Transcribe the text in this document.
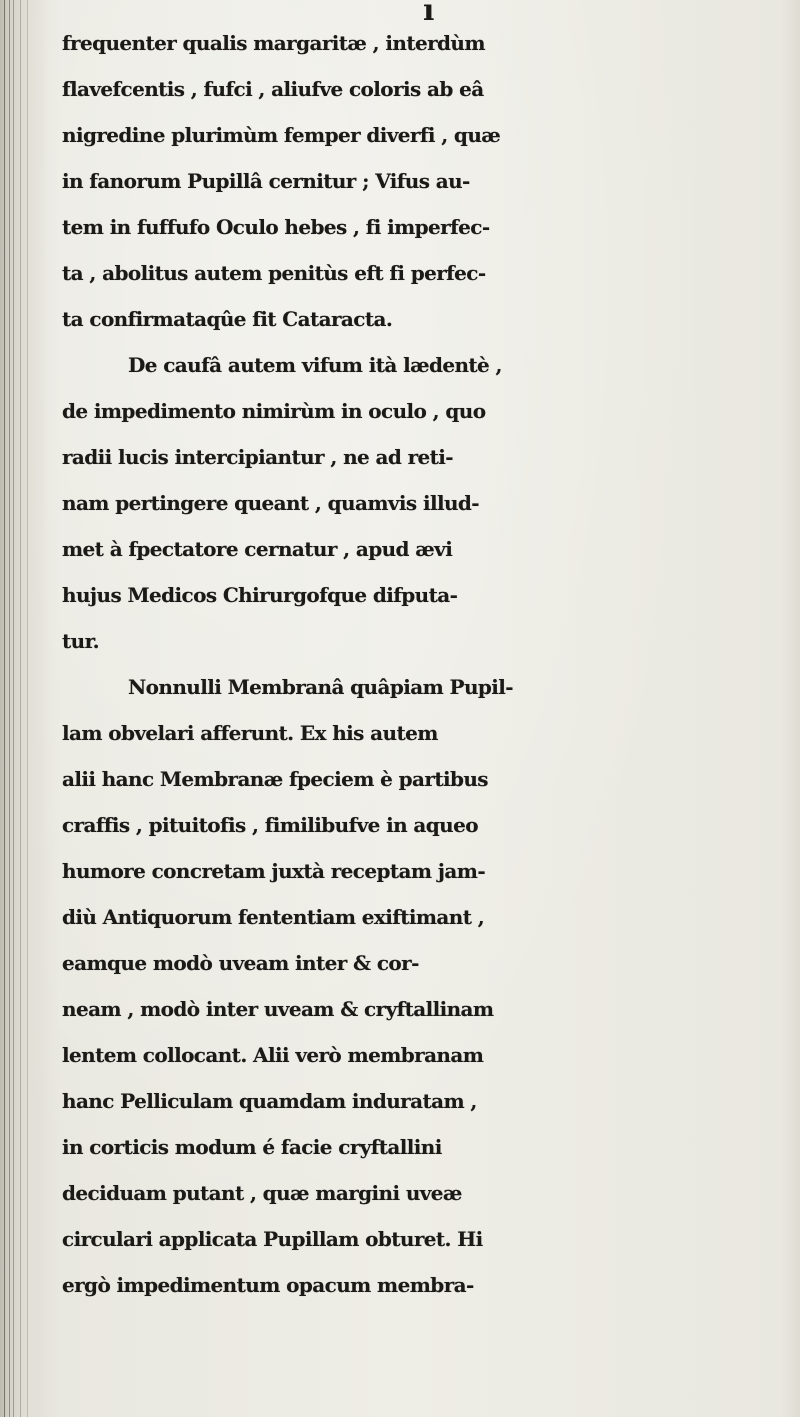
ı
frequenter qualis margaritæ , interdùm
flavefcentis , fufci , aliufve coloris ab eâ
nigredine plurimùm femper diverfi , quæ
in fanorum Pupillâ cernitur ; Vifus au-
tem in fuffufo Oculo hebes , fi imperfec-
ta , abolitus autem penitùs eft fi perfec-
ta confirmataqûe fit Cataracta.
De caufâ autem vifum ità lædentè ,
de impedimento nimirùm in oculo , quo
radii lucis intercipiantur , ne ad reti-
nam pertingere queant , quamvis illud-
met à fpectatore cernatur , apud ævi
hujus Medicos Chirurgofque difputa-
tur.
Nonnulli Membranâ quâpiam Pupil-
lam obvelari afferunt. Ex his autem
alii hanc Membranæ fpeciem è partibus
craffis , pituitofis , fimilibufve in aqueo
humore concretam juxtà receptam jam-
diù Antiquorum fententiam exiftimant ,
eamque modò uveam inter & cor-
neam , modò inter uveam & cryftallinam
lentem collocant. Alii verò membranam
hanc Pelliculam quamdam induratam ,
in corticis modum é facie cryftallini
deciduam putant , quæ margini uveæ
circulari applicata Pupillam obturet. Hi
ergò impedimentum opacum membra-
